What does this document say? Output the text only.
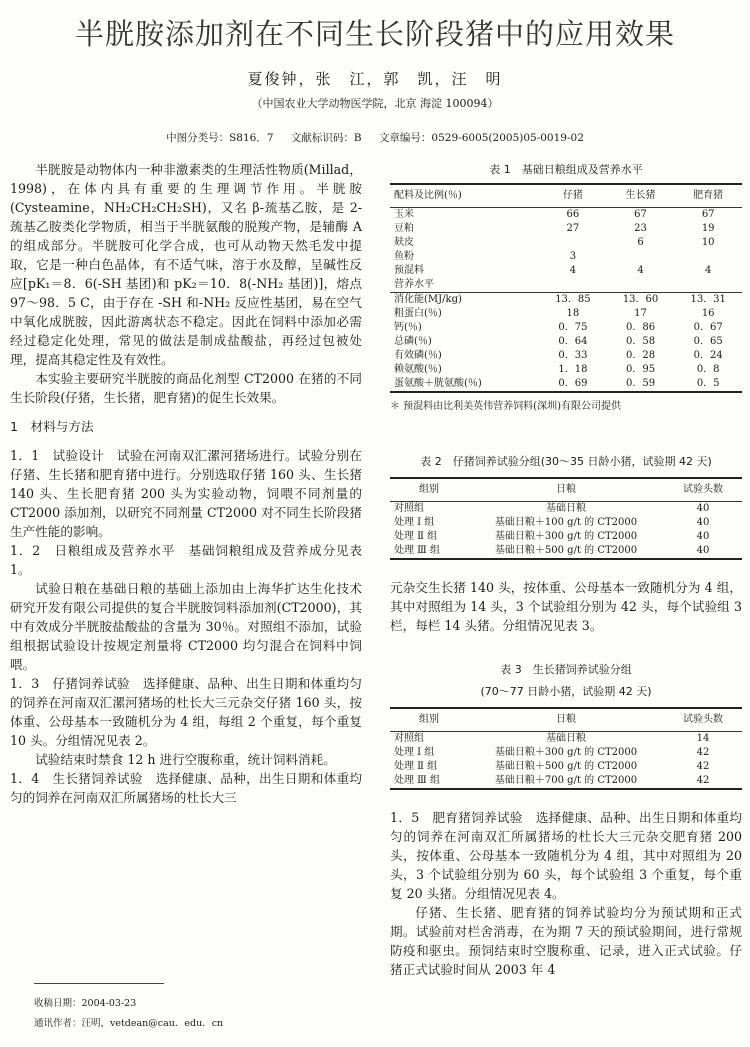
半胱胺添加剂在不同生长阶段猪中的应用效果
夏俊钟，张　江，郭　凯，汪　明
（中国农业大学动物医学院，北京 海淀 100094）
中图分类号：S816．7 文献标识码：B 文章编号：0529-6005(2005)05-0019-02

半胱胺是动物体内一种非激素类的生理活性物质(Millad，1998)，在体内具有重要的生理调节作用。半胱胺(Cysteamine，NH₂CH₂CH₂SH)，又名 β-巯基乙胺，是 2-巯基乙胺类化学物质，相当于半胱氨酸的脱羧产物，是辅酶 A 的组成部分。半胱胺可化学合成，也可从动物天然毛发中提取，它是一种白色晶体，有不适气味，溶于水及醇，呈碱性反应[pK₁＝8．6(-SH 基团)和 pK₂＝10．8(-NH₂ 基团)]，熔点97～98．5 C，由于存在 -SH 和-NH₂ 反应性基团，易在空气中氧化成胱胺，因此游离状态不稳定。因此在饲料中添加必需经过稳定化处理，常见的做法是制成盐酸盐，再经过包被处理，提高其稳定性及有效性。

本实验主要研究半胱胺的商品化剂型 CT2000 在猪的不同生长阶段(仔猪，生长猪，肥育猪)的促生长效果。

1　材料与方法

1．1　试验设计　试验在河南双汇漯河猪场进行。试验分别在仔猪、生长猪和肥育猪中进行。分别选取仔猪 160 头、生长猪 140 头、生长肥育猪 200 头为实验动物，饲喂不同剂量的 CT2000 添加剂，以研究不同剂量 CT2000 对不同生长阶段猪生产性能的影响。

1．2　日粮组成及营养水平　基础饲粮组成及营养成分见表 1。

试验日粮在基础日粮的基础上添加由上海华扩达生化技术研究开发有限公司提供的复合半胱胺饲料添加剂(CT2000)，其中有效成分半胱胺盐酸盐的含量为 30％。对照组不添加，试验组根据试验设计按规定剂量将 CT2000 均匀混合在饲料中饲喂。

1．3　仔猪饲养试验　选择健康、品种、出生日期和体重均匀的饲养在河南双汇漯河猪场的杜长大三元杂交仔猪 160 头，按体重、公母基本一致随机分为 4 组，每组 2 个重复，每个重复 10 头。分组情况见表 2。

试验结束时禁食 12 h 进行空腹称重，统计饲料消耗。

1．4　生长猪饲养试验　选择健康、品种，出生日期和体重均匀的饲养在河南双汇所属猪场的杜长大三

收稿日期：2004-03-23
通讯作者：汪明，vetdean@cau．edu．cn
表 1　基础日粮组成及营养水平
配料及比例(％)	仔猪	生长猪	肥育猪
玉米	66	67	67
豆粕	27	23	19
麸皮		6	10
鱼粉	3		
预混料	4	4	4
营养水平			
消化能(MJ/kg)	13．85	13．60	13．31
粗蛋白(％)	18	17	16
钙(％)	0．75	0．86	0．67
总磷(％)	0．64	0．58	0．65
有效磷(％)	0．33	0．28	0．24
赖氨酸(％)	1．18	0．95	0．8
蛋氨酸＋胱氨酸(％)	0．69	0．59	0．5
＊ 预混料由比利美英伟营养饲料(深圳)有限公司提供
表 2　仔猪饲养试验分组(30～35 日龄小猪，试验期 42 天)
组别	日粮	试验头数
对照组	基础日粮	40
处理 Ⅰ 组	基础日粮＋100 g/t 的 CT2000	40
处理 Ⅱ 组	基础日粮＋300 g/t 的 CT2000	40
处理 Ⅲ 组	基础日粮＋500 g/t 的 CT2000	40

元杂交生长猪 140 头，按体重、公母基本一致随机分为 4 组，其中对照组为 14 头，3 个试验组分别为 42 头，每个试验组 3 栏，每栏 14 头猪。分组情况见表 3。

表 3　生长猪饲养试验分组
(70～77 日龄小猪，试验期 42 天)
组别	日粮	试验头数
对照组	基础日粮	14
处理 Ⅰ 组	基础日粮＋300 g/t 的 CT2000	42
处理 Ⅱ 组	基础日粮＋500 g/t 的 CT2000	42
处理 Ⅲ 组	基础日粮＋700 g/t 的 CT2000	42

1．5　肥育猪饲养试验　选择健康、品种、出生日期和体重均匀的饲养在河南双汇所属猪场的杜长大三元杂交肥育猪 200 头，按体重、公母基本一致随机分为 4 组，其中对照组为 20 头，3 个试验组分别为 60 头，每个试验组 3 个重复，每个重复 20 头猪。分组情况见表 4。

仔猪、生长猪、肥育猪的饲养试验均分为预试期和正式期。试验前对栏舍消毒，在为期 7 天的预试验期间，进行常规防疫和驱虫。预饲结束时空腹称重、记录，进入正式试验。仔猪正式试验时间从 2003 年 4
